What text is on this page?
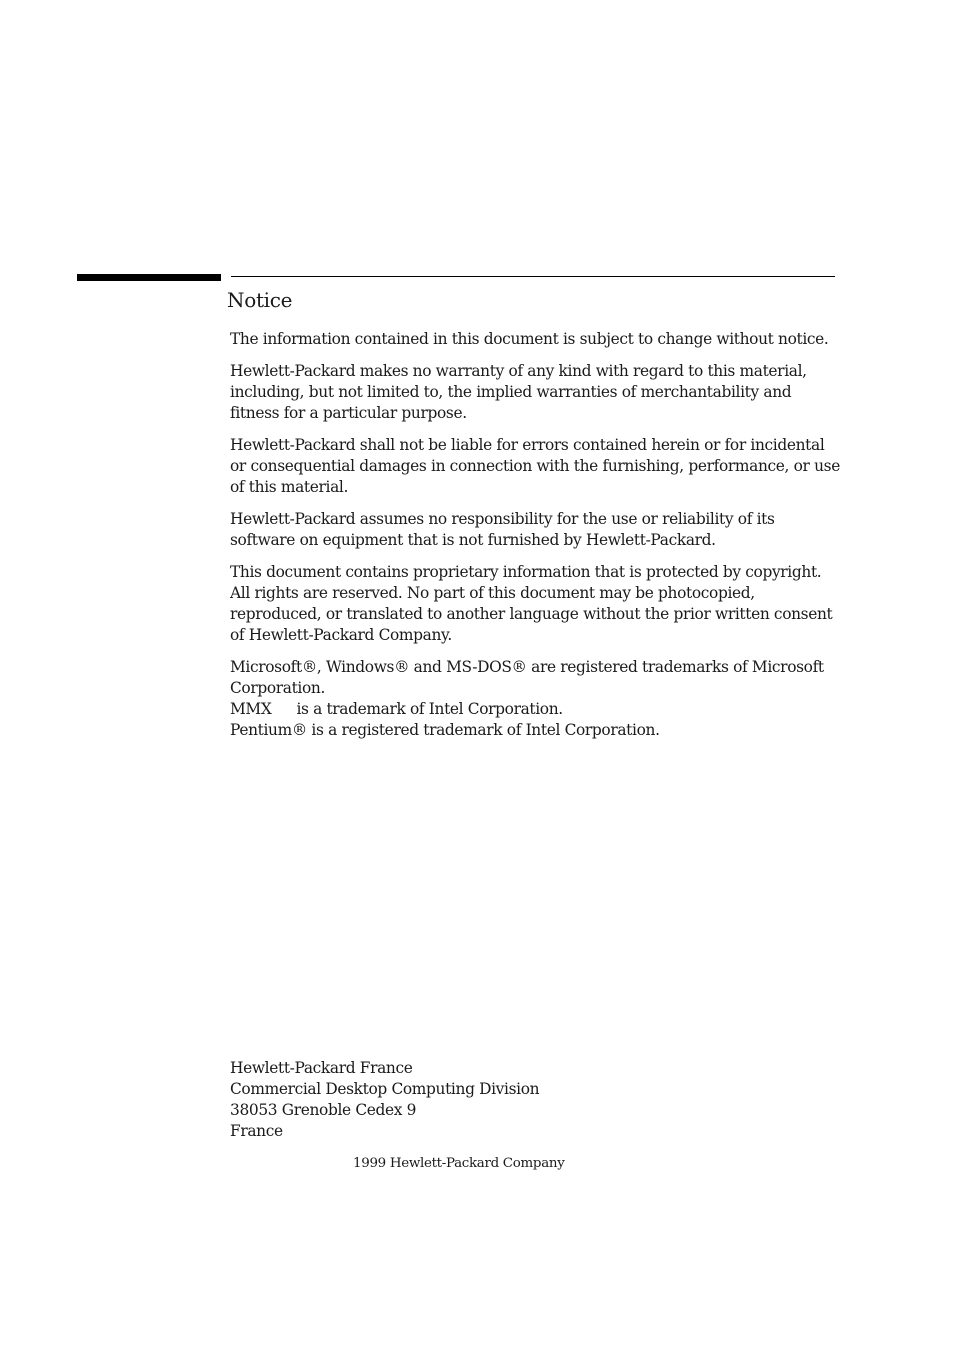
Notice

The information contained in this document is subject to change without notice.

Hewlett-Packard makes no warranty of any kind with regard to this material, including, but not limited to, the implied warranties of merchantability and fitness for a particular purpose.

Hewlett-Packard shall not be liable for errors contained herein or for incidental or consequential damages in connection with the furnishing, performance, or use of this material.

Hewlett-Packard assumes no responsibility for the use or reliability of its software on equipment that is not furnished by Hewlett-Packard.

This document contains proprietary information that is protected by copyright. All rights are reserved. No part of this document may be photocopied, reproduced, or translated to another language without the prior written consent of Hewlett-Packard Company.

Microsoft®, Windows® and MS-DOS® are registered trademarks of Microsoft Corporation.

MMX is a trademark of Intel Corporation.

Pentium® is a registered trademark of Intel Corporation.

Hewlett-Packard France
Commercial Desktop Computing Division
38053 Grenoble Cedex 9
France
1999 Hewlett-Packard Company
